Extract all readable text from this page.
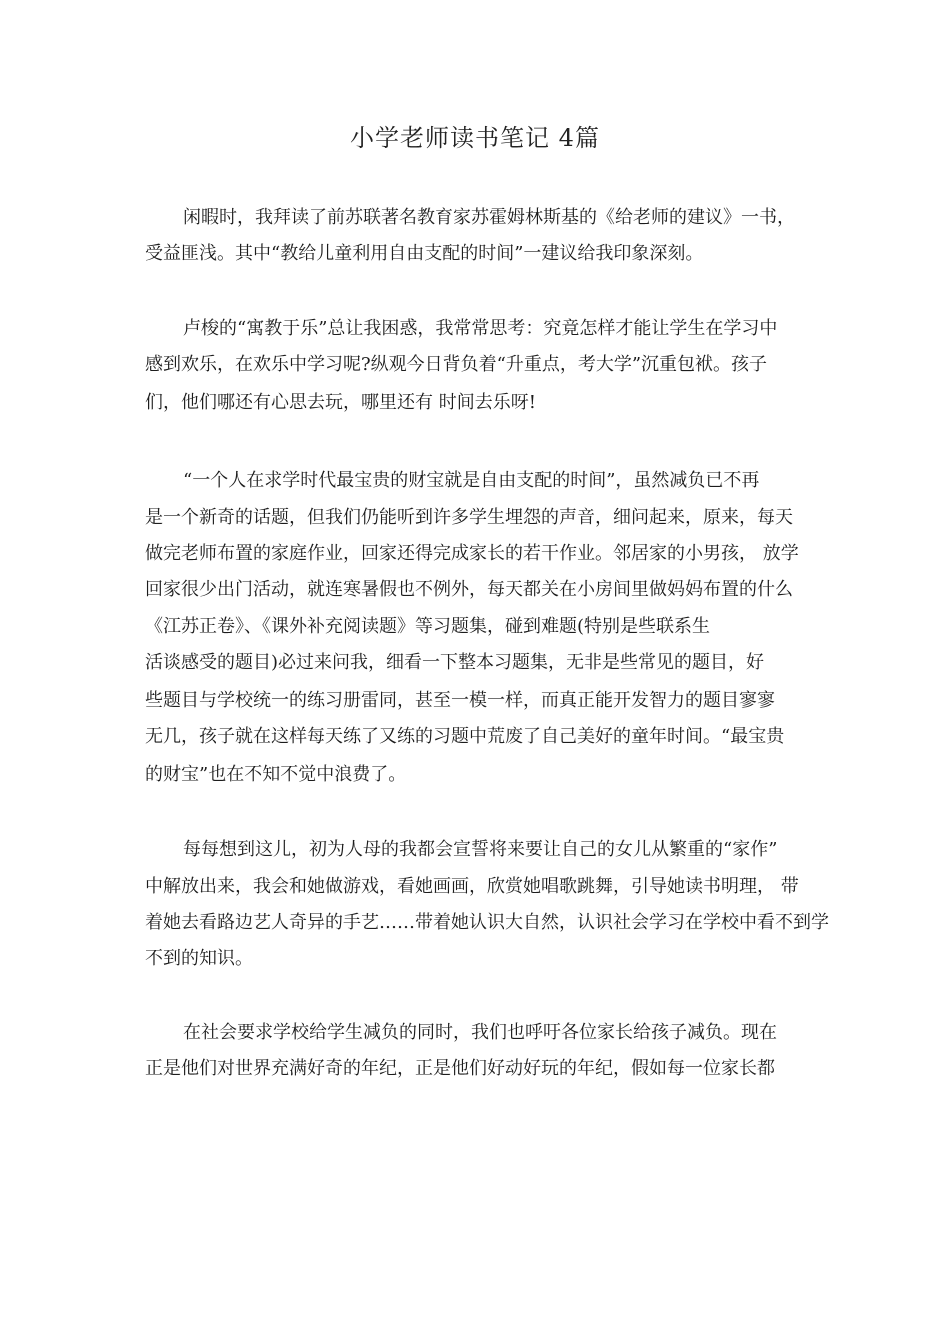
小学老师读书笔记 4篇
闲暇时，我拜读了前苏联著名教育家苏霍姆林斯基的《给老师的建议》一书，
受益匪浅。其中“教给儿童利用自由支配的时间”一建议给我印象深刻。
卢梭的“寓教于乐”总让我困惑，我常常思考：究竟怎样才能让学生在学习中
感到欢乐，在欢乐中学习呢?纵观今日背负着“升重点，考大学”沉重包袱。孩子
们，他们哪还有心思去玩，哪里还有 时间去乐呀!
“一个人在求学时代最宝贵的财宝就是自由支配的时间”，虽然减负已不再
是一个新奇的话题，但我们仍能听到许多学生埋怨的声音，细问起来，原来，每天
做完老师布置的家庭作业，回家还得完成家长的若干作业。邻居家的小男孩， 放学
回家很少出门活动，就连寒暑假也不例外，每天都关在小房间里做妈妈布置的什么
《江苏正卷》、《课外补充阅读题》等习题集，碰到难题(特别是些联系生
活谈感受的题目)必过来问我，细看一下整本习题集，无非是些常见的题目，好
些题目与学校统一的练习册雷同，甚至一模一样，而真正能开发智力的题目寥寥
无几，孩子就在这样每天练了又练的习题中荒废了自己美好的童年时间。“最宝贵
的财宝”也在不知不觉中浪费了。
每每想到这儿，初为人母的我都会宣誓将来要让自己的女儿从繁重的“家作”
中解放出来，我会和她做游戏，看她画画，欣赏她唱歌跳舞，引导她读书明理， 带
着她去看路边艺人奇异的手艺……带着她认识大自然，认识社会学习在学校中看不到学
不到的知识。
在社会要求学校给学生减负的同时，我们也呼吁各位家长给孩子减负。现在
正是他们对世界充满好奇的年纪，正是他们好动好玩的年纪，假如每一位家长都
